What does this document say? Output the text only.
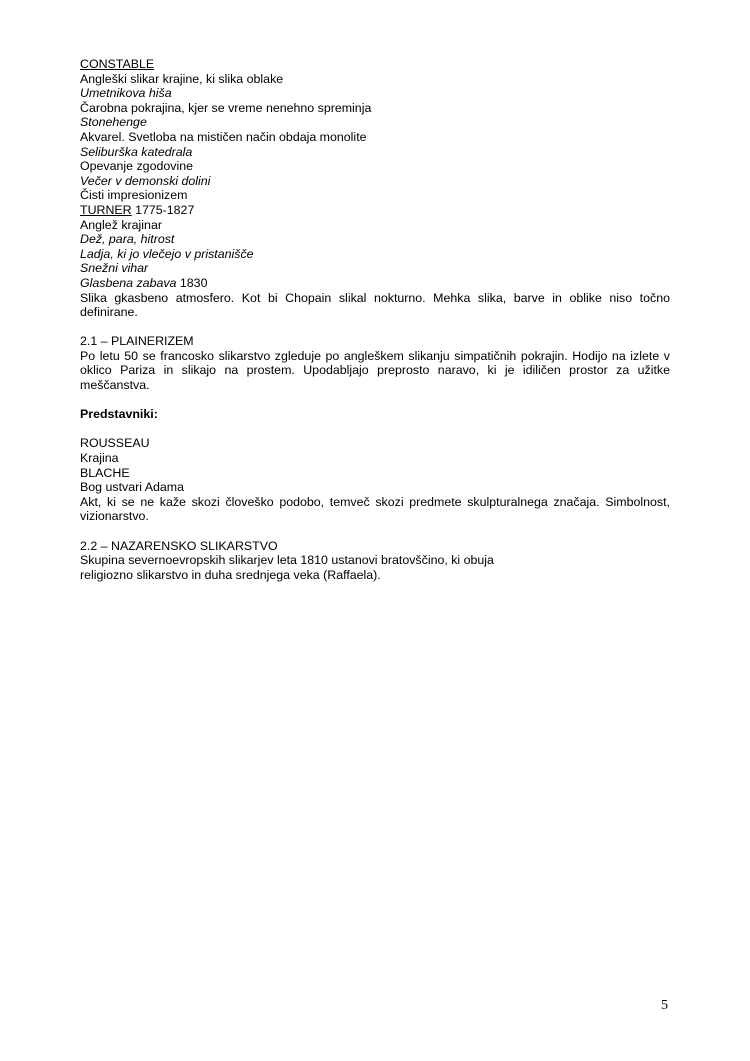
CONSTABLE
Angleški slikar krajine, ki slika oblake
Umetnikova hiša
Čarobna pokrajina, kjer se vreme nenehno spreminja
Stonehenge
Akvarel. Svetloba na mističen način obdaja monolite
Seliburška katedrala
Opevanje zgodovine
Večer v demonski dolini
Čisti impresionizem
TURNER 1775-1827
Anglež krajinar
Dež, para, hitrost
Ladja, ki jo vlečejo v pristanišče
Snežni vihar
Glasbena zabava 1830
Slika gkasbeno atmosfero. Kot bi Chopain slikal nokturno. Mehka slika, barve in oblike niso točno definirane.
2.1 – PLAINERIZEM
Po letu 50 se francosko slikarstvo zgleduje po angleškem slikanju simpatičnih pokrajin. Hodijo na izlete v oklico Pariza in slikajo na prostem. Upodabljajo preprosto naravo, ki je idiličen prostor za užitke meščanstva.
Predstavniki:
ROUSSEAU
Krajina
BLACHE
Bog ustvari Adama
Akt, ki se ne kaže skozi človeško podobo, temveč skozi predmete skulpturalnega značaja. Simbolnost, vizionarstvo.
2.2 – NAZARENSKO SLIKARSTVO
Skupina severnoevropskih slikarjev leta 1810 ustanovi bratovščino, ki obuja
religiozno slikarstvo in duha srednjega veka (Raffaela).
5
